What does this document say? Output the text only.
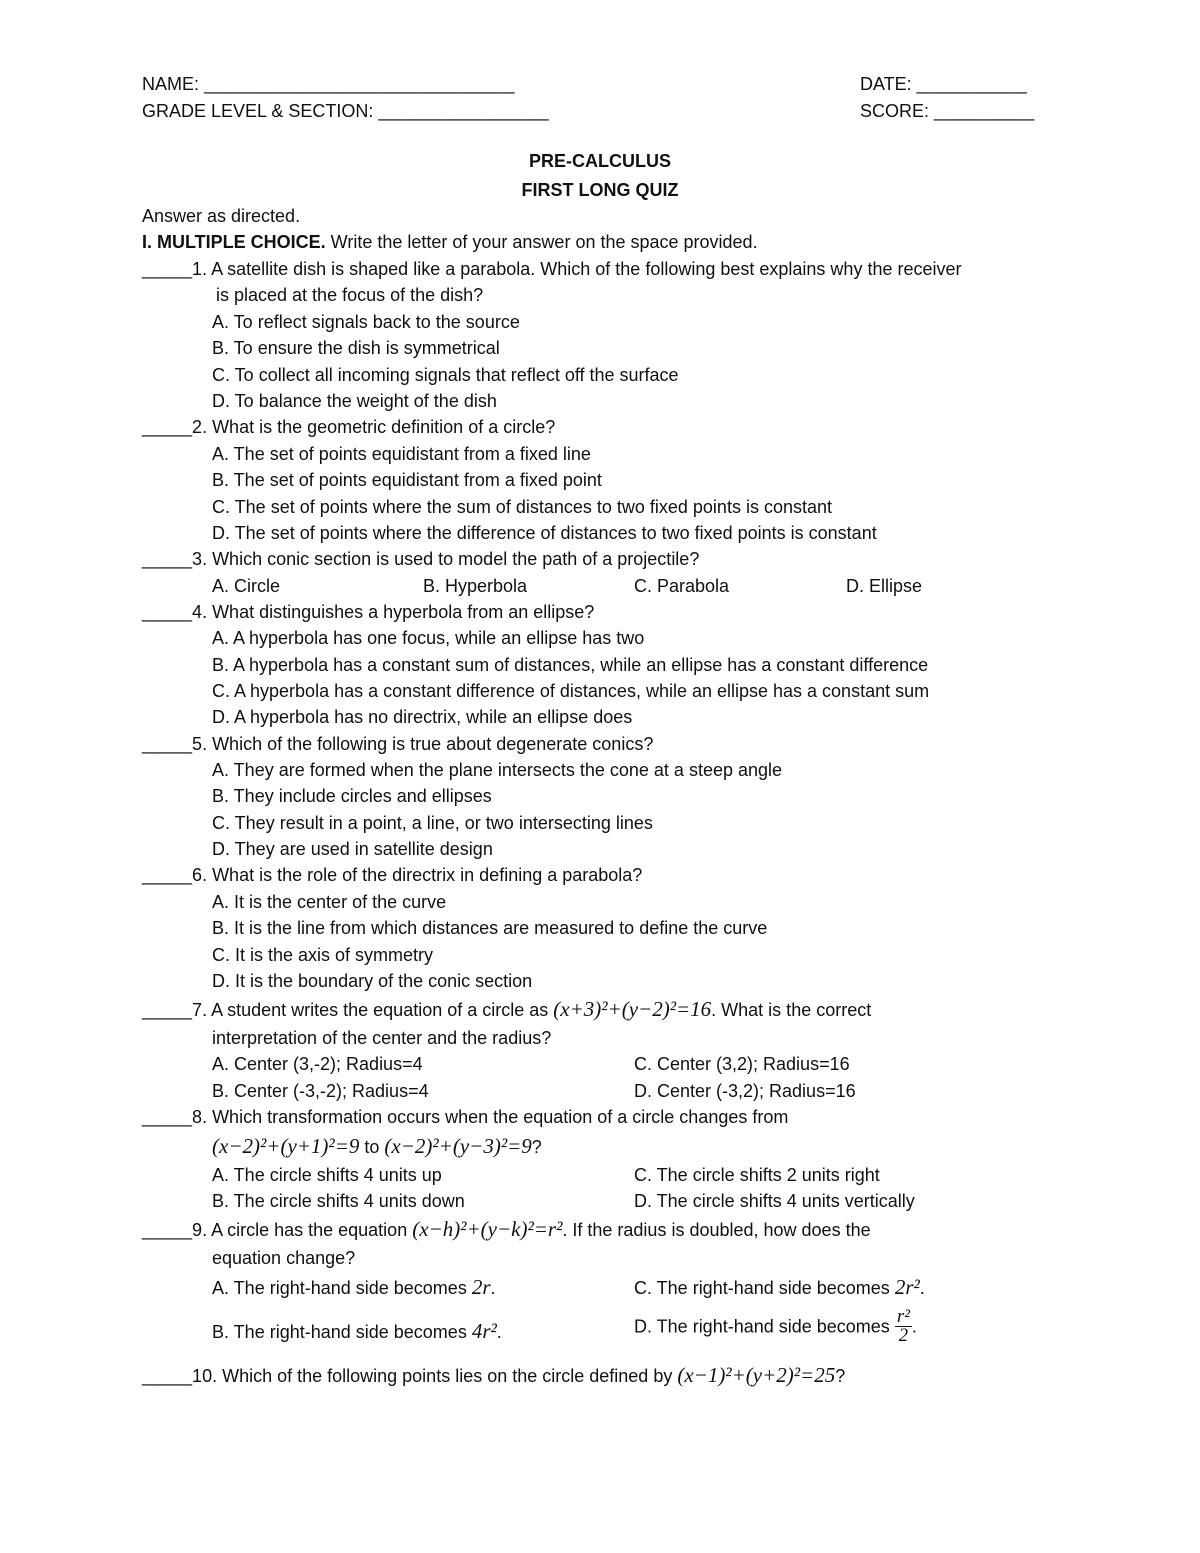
NAME: _______________________________	DATE: ___________
GRADE LEVEL & SECTION: _________________	SCORE: __________
PRE-CALCULUS
FIRST LONG QUIZ
Answer as directed.
I. MULTIPLE CHOICE. Write the letter of your answer on the space provided.
_____1. A satellite dish is shaped like a parabola. Which of the following best explains why the receiver
is placed at the focus of the dish?
A. To reflect signals back to the source
B. To ensure the dish is symmetrical
C. To collect all incoming signals that reflect off the surface
D. To balance the weight of the dish
_____2. What is the geometric definition of a circle?
A. The set of points equidistant from a fixed line
B. The set of points equidistant from a fixed point
C. The set of points where the sum of distances to two fixed points is constant
D. The set of points where the difference of distances to two fixed points is constant
_____3. Which conic section is used to model the path of a projectile?
A. Circle	B. Hyperbola	C. Parabola	D. Ellipse
_____4. What distinguishes a hyperbola from an ellipse?
A. A hyperbola has one focus, while an ellipse has two
B. A hyperbola has a constant sum of distances, while an ellipse has a constant difference
C. A hyperbola has a constant difference of distances, while an ellipse has a constant sum
D. A hyperbola has no directrix, while an ellipse does
_____5. Which of the following is true about degenerate conics?
A. They are formed when the plane intersects the cone at a steep angle
B. They include circles and ellipses
C. They result in a point, a line, or two intersecting lines
D. They are used in satellite design
_____6. What is the role of the directrix in defining a parabola?
A. It is the center of the curve
B. It is the line from which distances are measured to define the curve
C. It is the axis of symmetry
D. It is the boundary of the conic section
_____7. A student writes the equation of a circle as (x+3)²+(y−2)²=16. What is the correct
interpretation of the center and the radius?
A. Center (3,-2); Radius=4	C. Center (3,2); Radius=16
B. Center (-3,-2); Radius=4	D. Center (-3,2); Radius=16
_____8. Which transformation occurs when the equation of a circle changes from
(x−2)²+(y+1)²=9 to (x−2)²+(y−3)²=9?
A. The circle shifts 4 units up	C. The circle shifts 2 units right
B. The circle shifts 4 units down	D. The circle shifts 4 units vertically
_____9. A circle has the equation (x−h)²+(y−k)²=r². If the radius is doubled, how does the
equation change?
A. The right-hand side becomes 2r.	C. The right-hand side becomes 2r².
B. The right-hand side becomes 4r².	D. The right-hand side becomes $\frac{\text{r²}}{2}$ .
_____10. Which of the following points lies on the circle defined by (x−1)²+(y+2)²=25?
